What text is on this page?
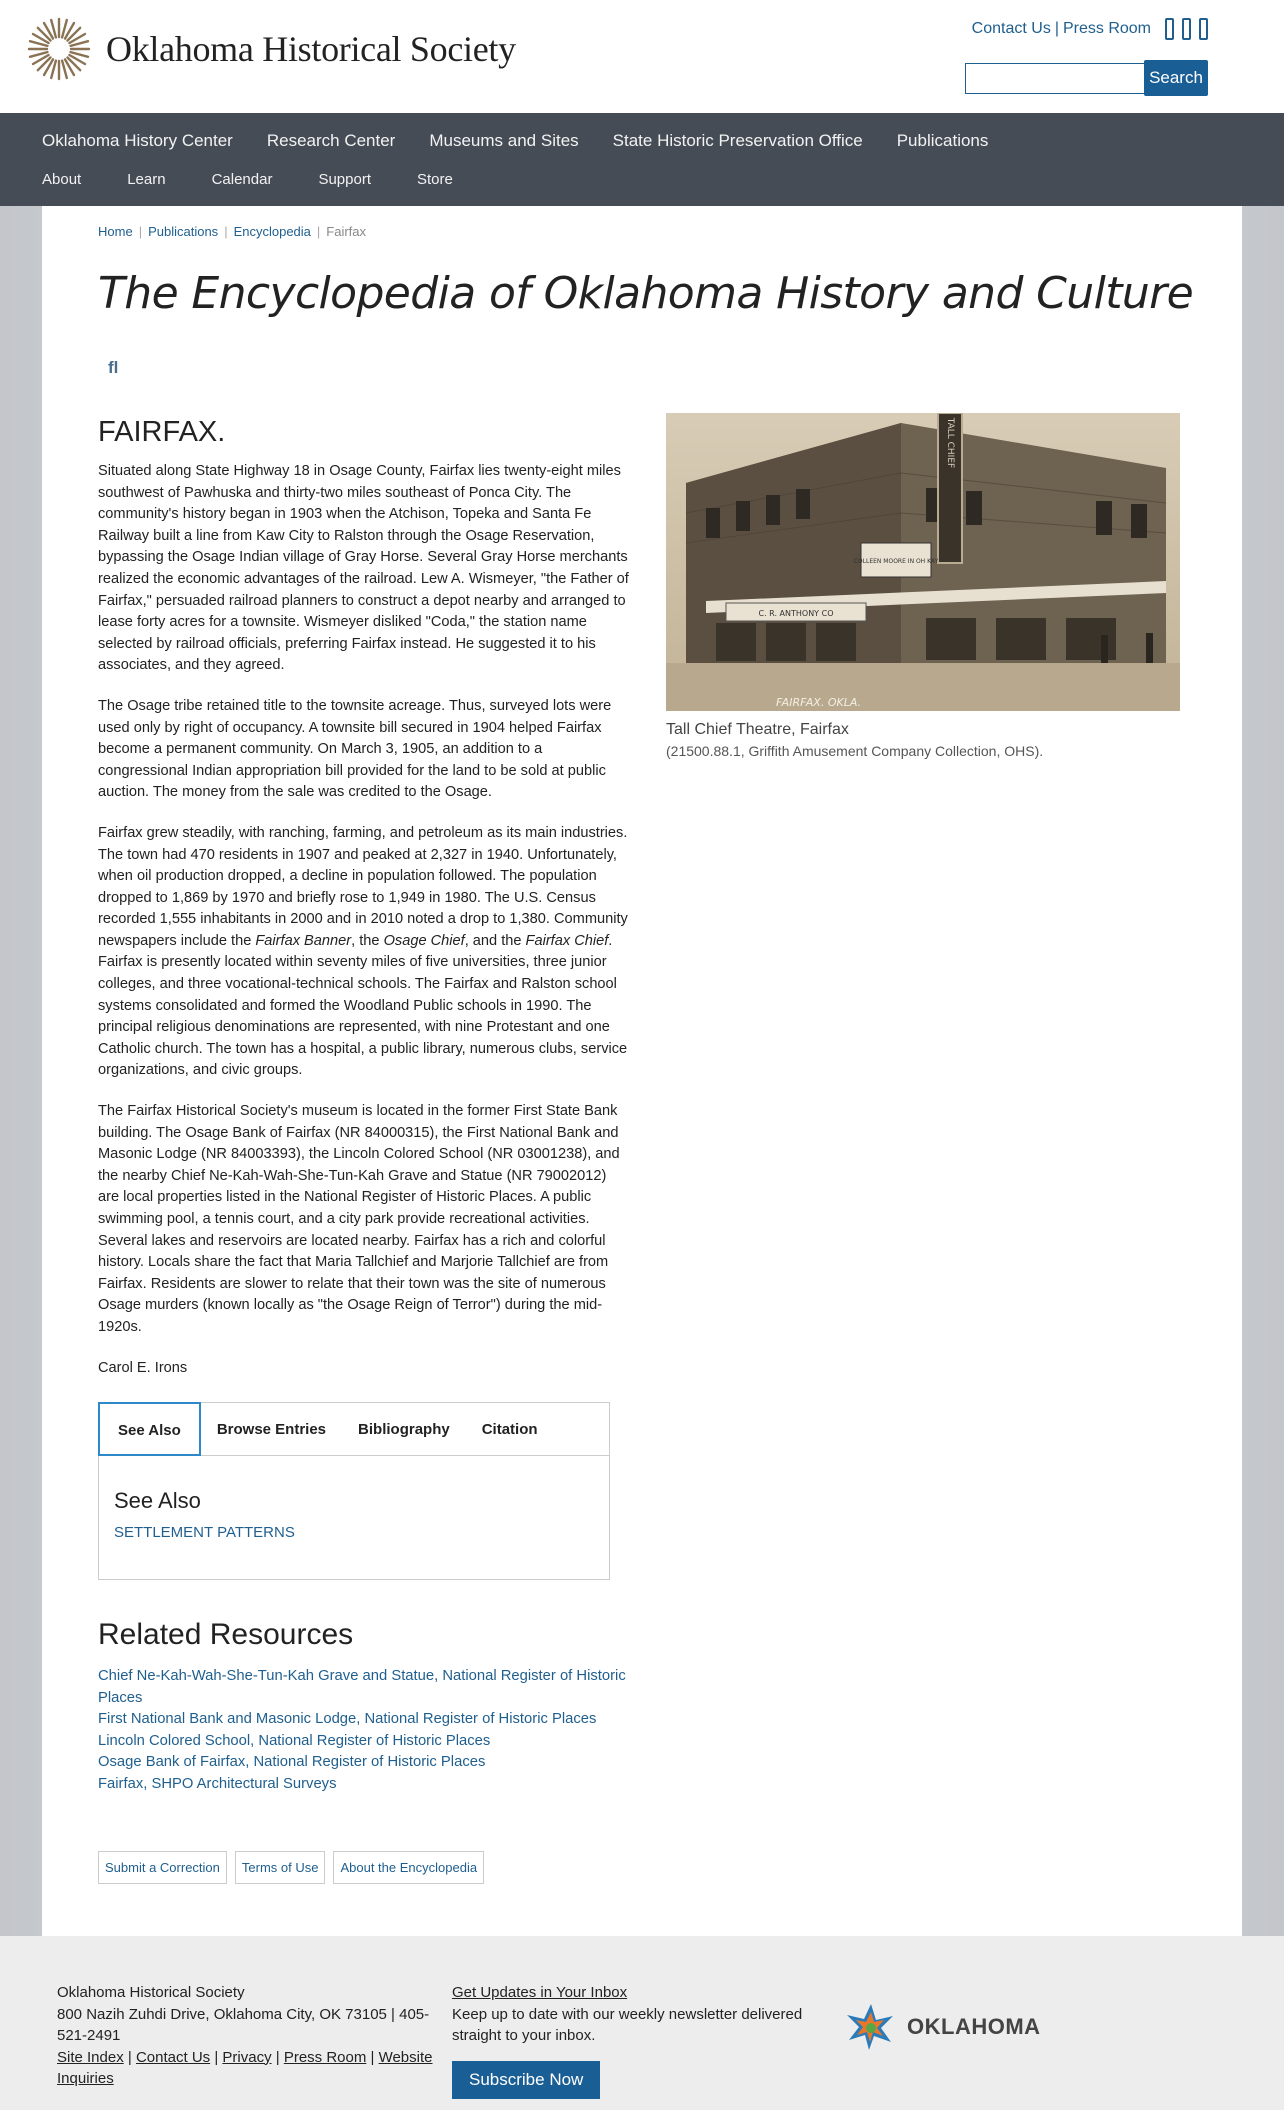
Oklahoma Historical Society
Contact Us | Press Room
Search
Oklahoma History Center Research Center Museums and Sites State Historic Preservation Office Publications
About	Learn	Calendar	Support	Store
Home | Publications | Encyclopedia | Fairfax
The Encyclopedia of Oklahoma History and Culture
fl
FAIRFAX.

Situated along State Highway 18 in Osage County, Fairfax lies twenty-eight miles southwest of Pawhuska and thirty-two miles southeast of Ponca City. The community's history began in 1903 when the Atchison, Topeka and Santa Fe Railway built a line from Kaw City to Ralston through the Osage Reservation, bypassing the Osage Indian village of Gray Horse. Several Gray Horse merchants realized the economic advantages of the railroad. Lew A. Wismeyer, "the Father of Fairfax," persuaded railroad planners to construct a depot nearby and arranged to lease forty acres for a townsite. Wismeyer disliked "Coda," the station name selected by railroad officials, preferring Fairfax instead. He suggested it to his associates, and they agreed.

The Osage tribe retained title to the townsite acreage. Thus, surveyed lots were used only by right of occupancy. A townsite bill secured in 1904 helped Fairfax become a permanent community. On March 3, 1905, an addition to a congressional Indian appropriation bill provided for the land to be sold at public auction. The money from the sale was credited to the Osage.

Fairfax grew steadily, with ranching, farming, and petroleum as its main industries. The town had 470 residents in 1907 and peaked at 2,327 in 1940. Unfortunately, when oil production dropped, a decline in population followed. The population dropped to 1,869 by 1970 and briefly rose to 1,949 in 1980. The U.S. Census recorded 1,555 inhabitants in 2000 and in 2010 noted a drop to 1,380. Community newspapers include the Fairfax Banner, the Osage Chief, and the Fairfax Chief. Fairfax is presently located within seventy miles of five universities, three junior colleges, and three vocational-technical schools. The Fairfax and Ralston school systems consolidated and formed the Woodland Public schools in 1990. The principal religious denominations are represented, with nine Protestant and one Catholic church. The town has a hospital, a public library, numerous clubs, service organizations, and civic groups.

The Fairfax Historical Society's museum is located in the former First State Bank building. The Osage Bank of Fairfax (NR 84000315), the First National Bank and Masonic Lodge (NR 84003393), the Lincoln Colored School (NR 03001238), and the nearby Chief Ne-Kah-Wah-She-Tun-Kah Grave and Statue (NR 79002012) are local properties listed in the National Register of Historic Places. A public swimming pool, a tennis court, and a city park provide recreational activities. Several lakes and reservoirs are located nearby. Fairfax has a rich and colorful history. Locals share the fact that Maria Tallchief and Marjorie Tallchief are from Fairfax. Residents are slower to relate that their town was the site of numerous Osage murders (known locally as "the Osage Reign of Terror") during the mid-1920s.

Carol E. Irons

TALL CHIEF
COLLEEN MOORE IN OH KAY
C. R. ANTHONY CO
FAIRFAX. OKLA.
Tall Chief Theatre, Fairfax
(21500.88.1, Griffith Amusement Company Collection, OHS).
See Also	Browse Entries	Bibliography	Citation
See Also
SETTLEMENT PATTERNS
Related Resources
Chief Ne-Kah-Wah-She-Tun-Kah Grave and Statue, National Register of Historic Places
First National Bank and Masonic Lodge, National Register of Historic Places
Lincoln Colored School, National Register of Historic Places
Osage Bank of Fairfax, National Register of Historic Places
Fairfax, SHPO Architectural Surveys
Submit a Correction	Terms of Use	About the Encyclopedia
Oklahoma Historical Society
800 Nazih Zuhdi Drive, Oklahoma City, OK 73105 | 405-521-2491
Site Index | Contact Us | Privacy | Press Room | Website Inquiries
Get Updates in Your Inbox
Keep up to date with our weekly newsletter delivered straight to your inbox.
Subscribe Now
OKLAHOMA
